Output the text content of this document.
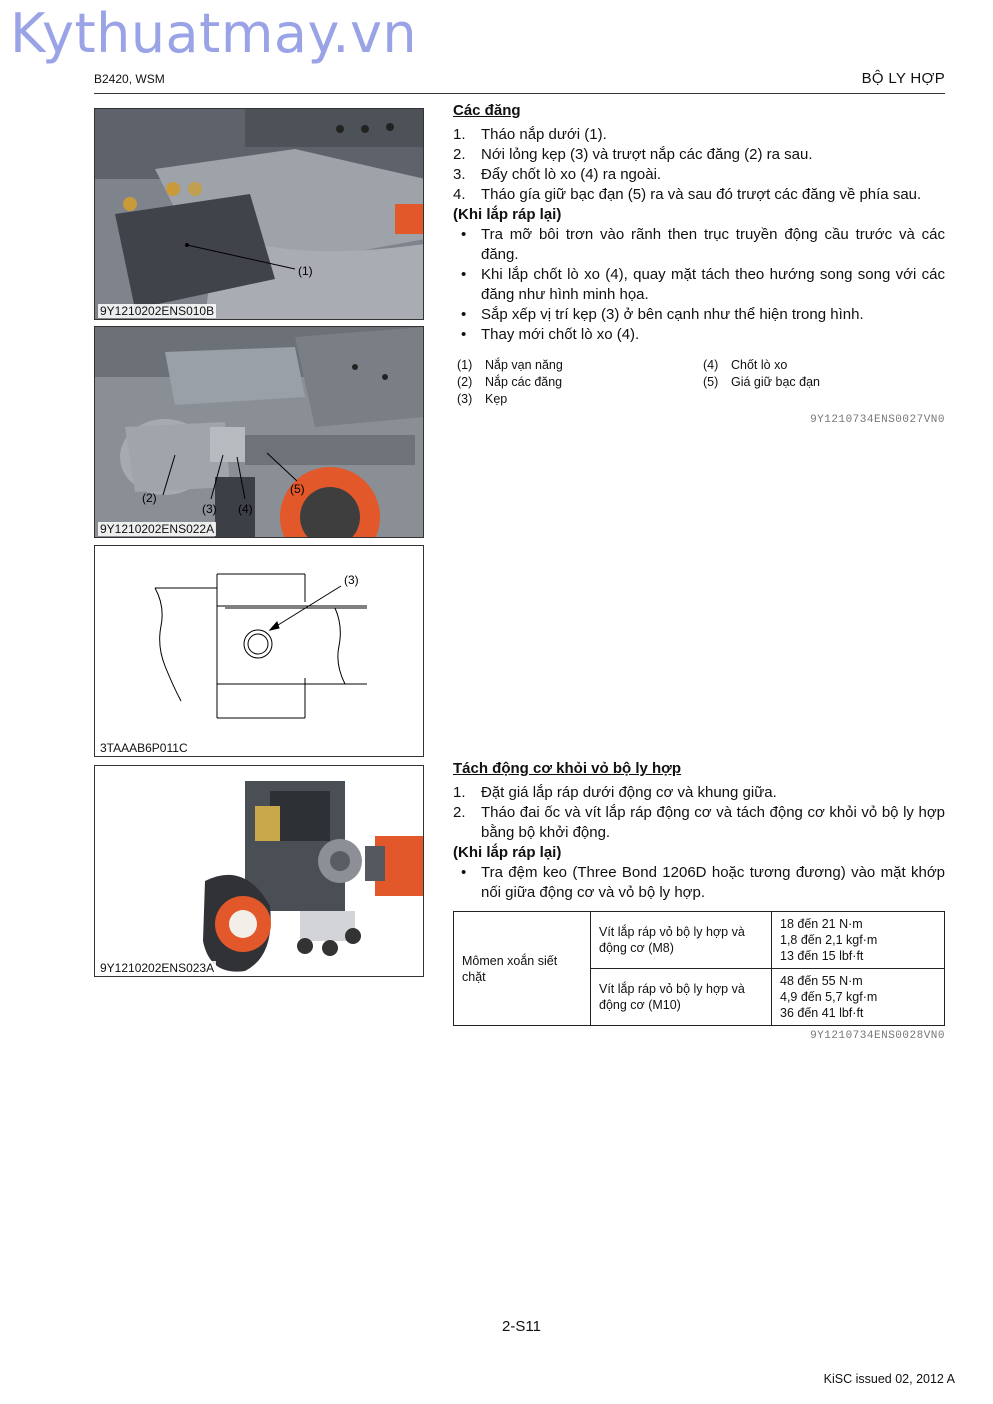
Kythuatmay.vn
B2420, WSM	BỘ LY HỢP
(1)
9Y1210202ENS010B
(2)
(3) (4)
(5)
9Y1210202ENS022A
(3)
3TAAAB6P011C
9Y1210202ENS023A
Các đăng
1. Tháo nắp dưới (1).
2. Nới lỏng kẹp (3) và trượt nắp các đăng (2) ra sau.
3. Đẩy chốt lò xo (4) ra ngoài.
4. Tháo gía giữ bạc đạn (5) ra và sau đó trượt các đăng về phía sau.
(Khi lắp ráp lại)
• Tra mỡ bôi trơn vào rãnh then trục truyền động cầu trước và các đăng.
• Khi lắp chốt lò xo (4), quay mặt tách theo hướng song song với các đăng như hình minh họa.
• Sắp xếp vị trí kẹp (3) ở bên cạnh như thể hiện trong hình.
• Thay mới chốt lò xo (4).
(1)	Nắp vạn năng	(4)	Chốt lò xo
(2)	Nắp các đăng	(5)	Giá giữ bạc đạn
(3)	Kẹp
9Y1210734ENS0027VN0
Tách động cơ khỏi vỏ bộ ly hợp
1. Đặt giá lắp ráp dưới động cơ và khung giữa.
2. Tháo đai ốc và vít lắp ráp động cơ và tách động cơ khỏi vỏ bộ ly hợp bằng bộ khởi động.
(Khi lắp ráp lại)
• Tra đệm keo (Three Bond 1206D hoặc tương đương) vào mặt khớp nối giữa động cơ và vỏ bộ ly hợp.
Mômen xoắn siết chặt	Vít lắp ráp vỏ bộ ly hợp và động cơ (M8)	18 đến 21 N·m
1,8 đến 2,1 kgf·m
13 đến 15 lbf·ft

	Vít lắp ráp vỏ bộ ly hợp và động cơ (M10)	48 đến 55 N·m
4,9 đến 5,7 kgf·m
36 đến 41 lbf·ft
9Y1210734ENS0028VN0
2-S11
KiSC issued 02, 2012 A
